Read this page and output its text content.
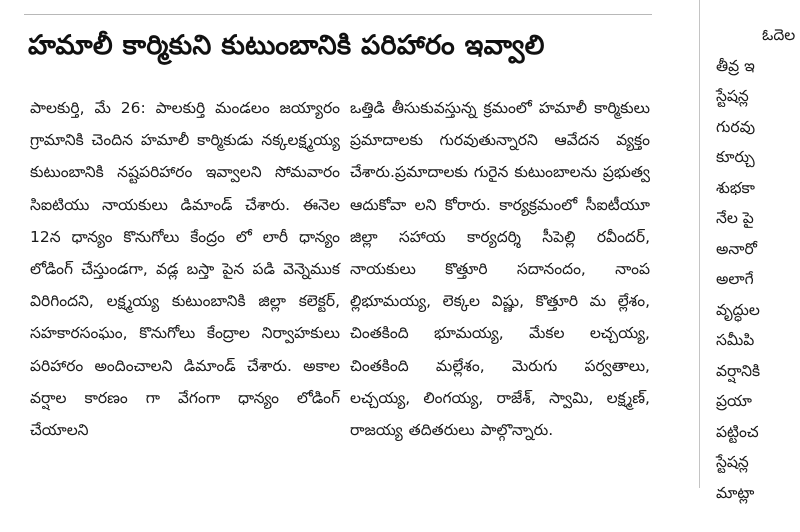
హమాలీ కార్మికుని కుటుంబానికి పరిహారం ఇవ్వాలి
పాలకుర్తి, మే 26: పాలకుర్తి మండలం జయ్యారం గ్రామానికి చెందిన హమాలీ కార్మికుడు నక్కలక్ష్మయ్య కుటుంబానికి నష్టపరిహారం ఇవ్వాలని సోమవారం సిఐటియు నాయకులు డిమాండ్ చేశారు. ఈనెల 12న ధాన్యం కొనుగోలు కేంద్రం లో లారీ ధాన్యం లోడింగ్ చేస్తుండగా, వడ్ల బస్తా పైన పడి వెన్నెముక విరిగిందని, లక్ష్మయ్య కుటుంబానికి జిల్లా కలెక్టర్, సహకారసంఘం, కొనుగోలు కేంద్రాల నిర్వాహకులు పరిహారం అందించాలని డిమాండ్ చేశారు. అకాల వర్షాల కారణం గా వేగంగా ధాన్యం లోడింగ్ చేయాలని
ఒత్తిడి తీసుకువస్తున్న క్రమంలో హమాలీ కార్మికులు ప్రమాదాలకు గురవుతున్నారని ఆవేదన వ్యక్తం చేశారు.ప్రమాదాలకు గురైన కుటుంబాలను ప్రభుత్వ ఆదుకోవా లని కోరారు. కార్యక్రమంలో సీఐటీయూ జిల్లా సహాయ కార్యదర్శి సీపెల్లి రవీందర్, నాయకులు కొత్తూరి సదానందం, నాంప ల్లిభూమయ్య, లెక్కల విష్ణు, కొత్తూరి మ ల్లేశం, చింతకింది భూమయ్య, మేకల లచ్చయ్య, చింతకింది మల్లేశం, మెరుగు పర్వతాలు, లచ్చయ్య, లింగయ్య, రాజేశ్, స్వామి, లక్ష్మణ్, రాజయ్య తదితరులు పాల్గొన్నారు.
ఓదెల
తీవ్ర ఇ
స్టేషన్ల
గురవు
కూర్చు
శుభకా
నేల పై
అనారో
అలాగే
వృద్ధుల
సమీపి
వర్షానికి
ప్రయా
పట్టించ
స్టేషన్ల
మాట్లా
